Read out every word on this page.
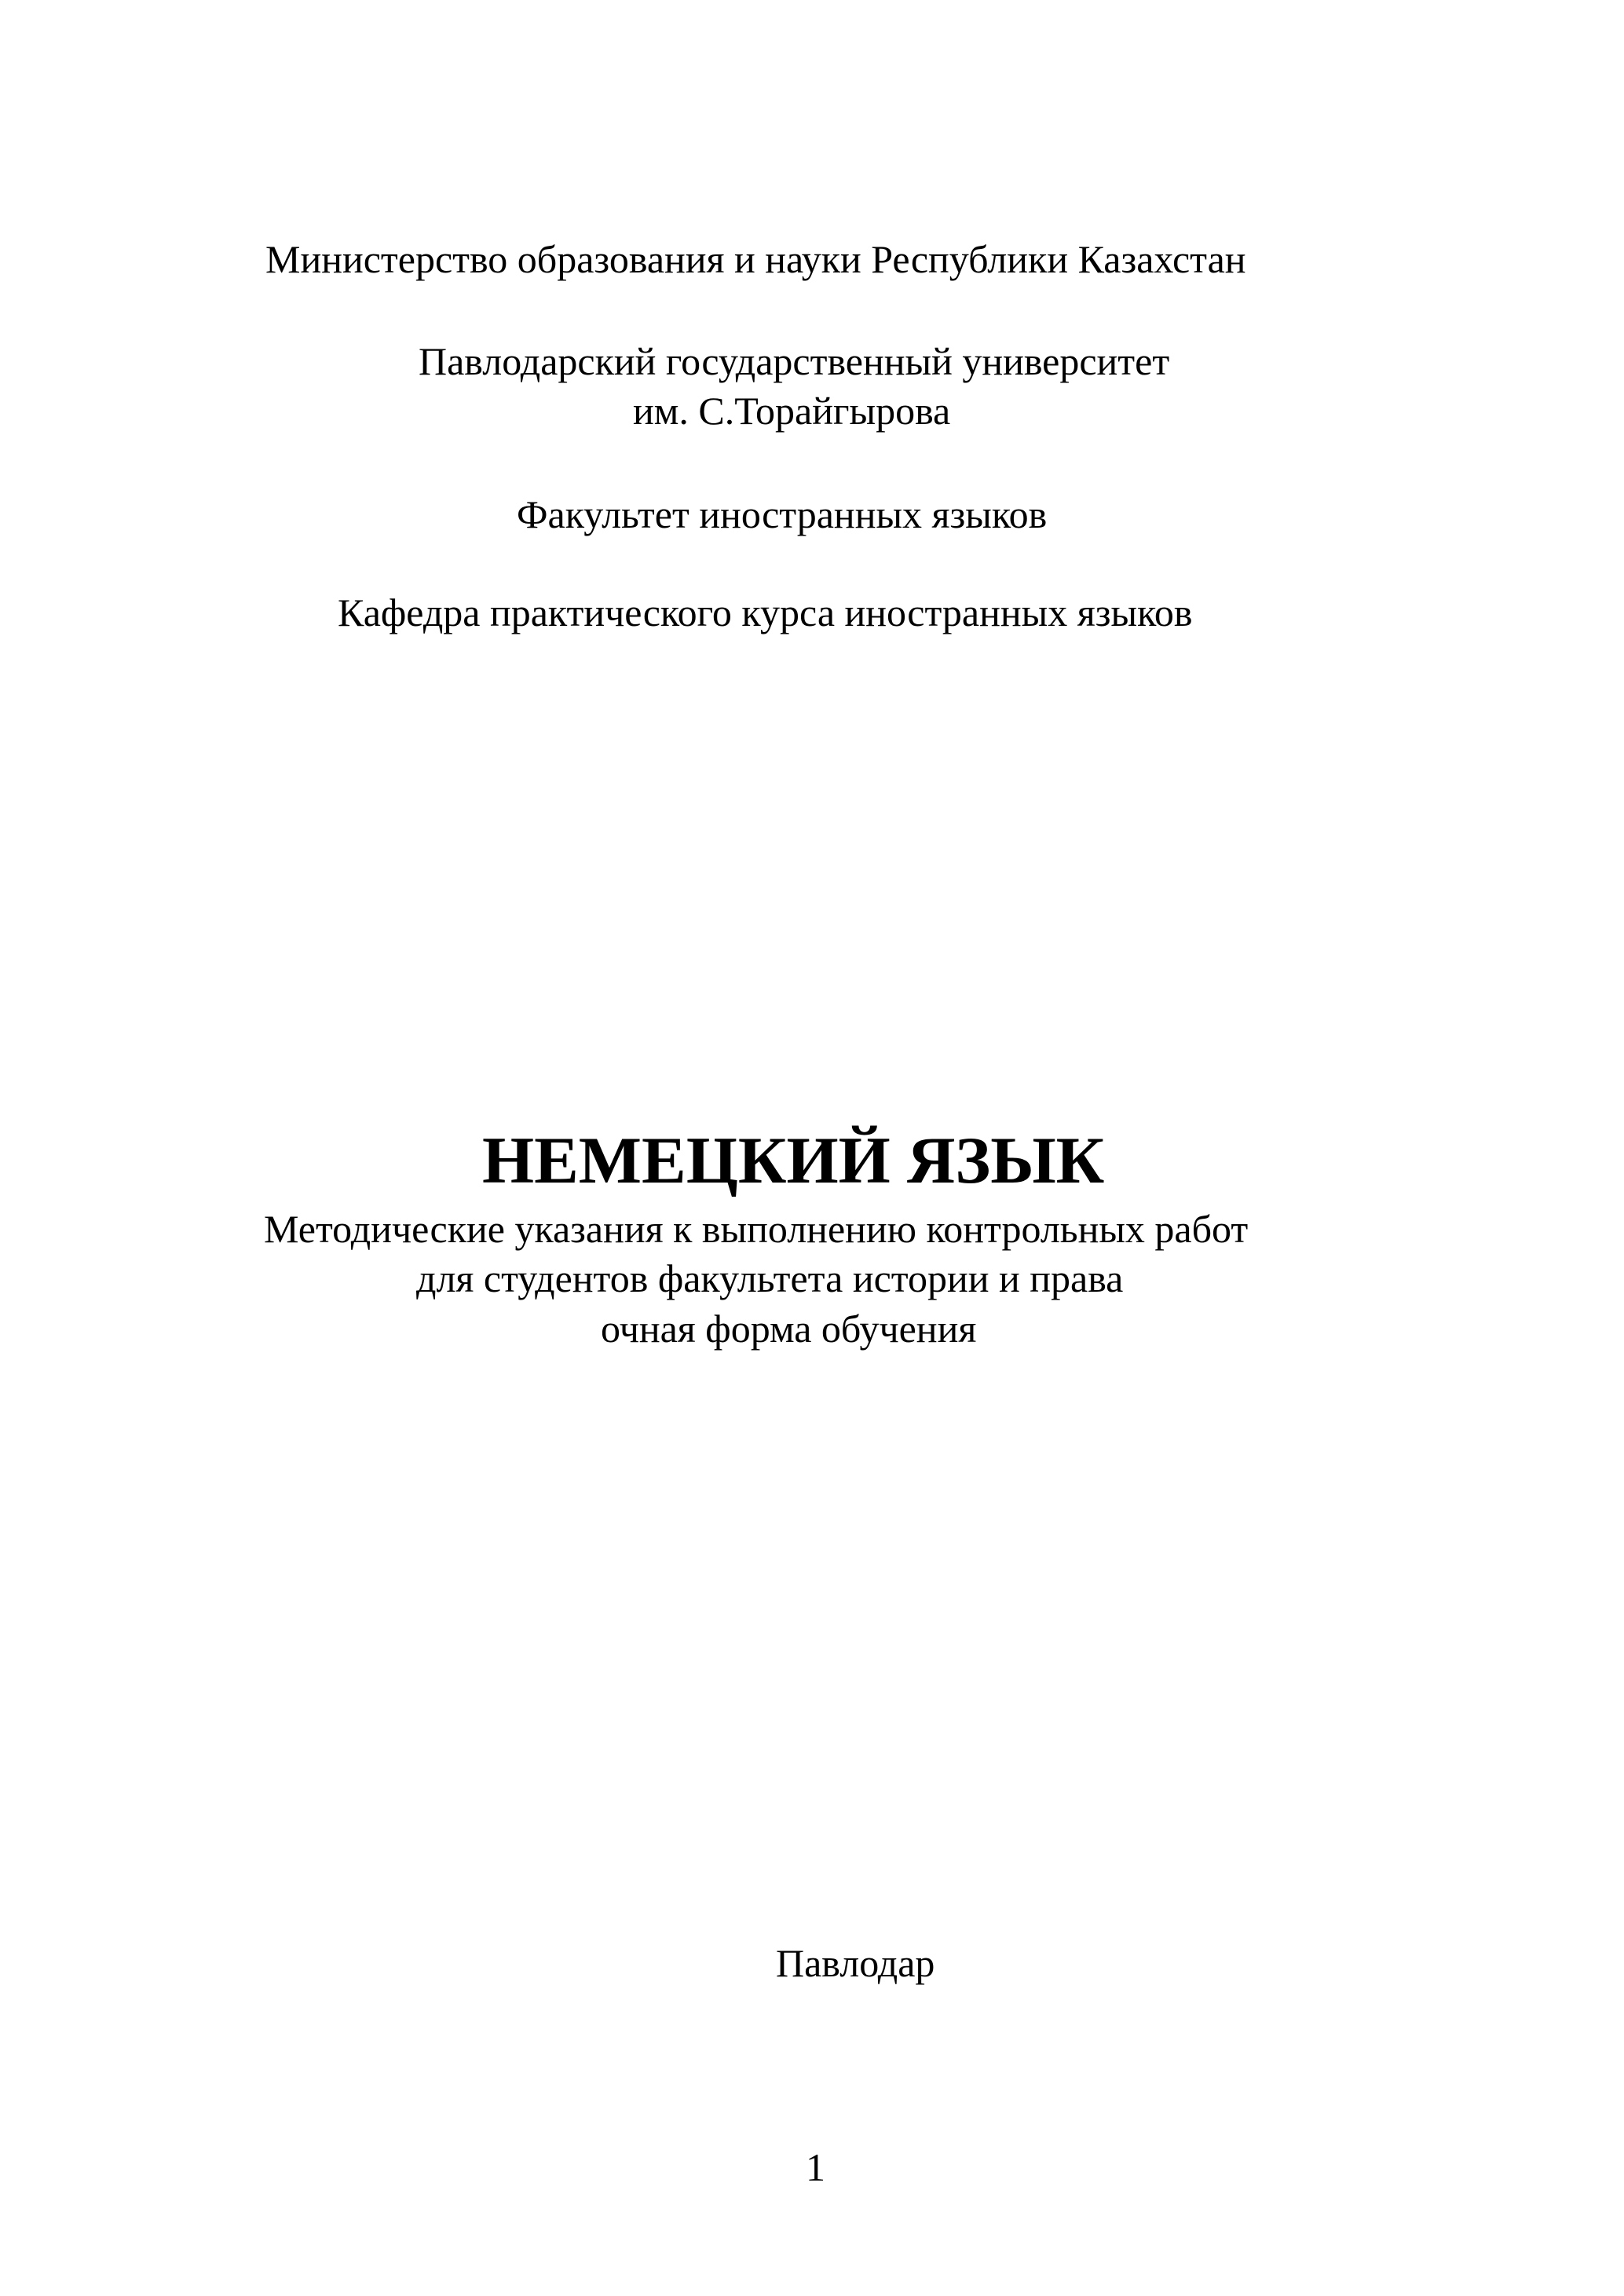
Министерство образования и науки Республики Казахстан
Павлодарский государственный университет
им. С.Торайгырова
Факультет иностранных языков
Кафедра практического курса иностранных языков
НЕМЕЦКИЙ ЯЗЫК
Методические указания к выполнению контрольных работ
для студентов факультета истории и права
очная форма обучения
Павлодар
1
